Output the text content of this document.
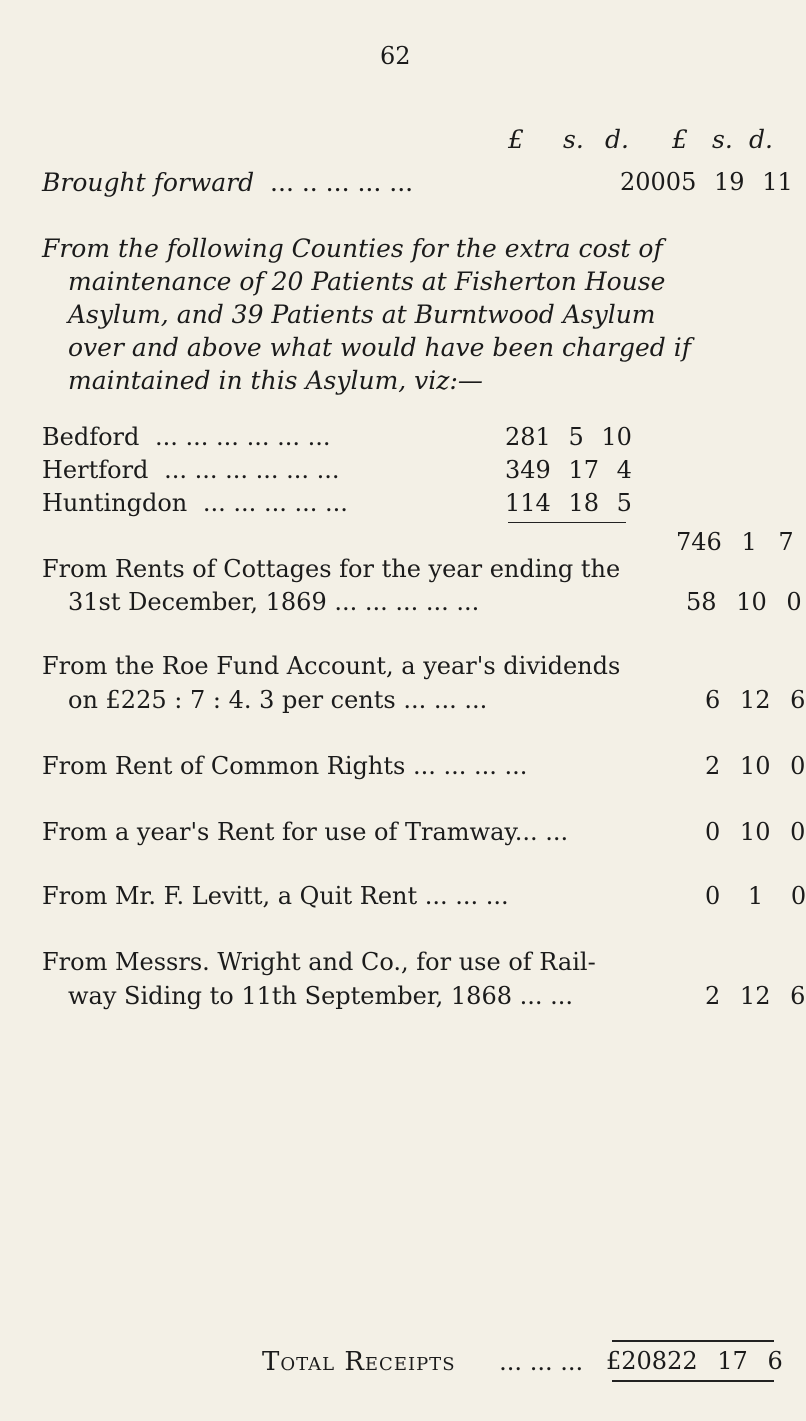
62
£ s. d. £ s. d.
Brought forward ... .. ... ... ...	20005 19 11
From the following Counties for the extra cost of
maintenance of 20 Patients at Fisherton House
Asylum, and 39 Patients at Burntwood Asylum
over and above what would have been charged if
maintained in this Asylum, viz:—
Bedford ... ... ... ... ... ...	281 5 10
Hertford ... ... ... ... ... ...	349 17 4
Huntingdon ... ... ... ... ...	114 18 5
746 1 7
From Rents of Cottages for the year ending the
31st December, 1869 ... ... ... ... ...	58 10 0
From the Roe Fund Account, a year's dividends
on £225 : 7 : 4. 3 per cents ... ... ...	6 12 6
From Rent of Common Rights ... ... ... ...	2 10 0
From a year's Rent for use of Tramway... ...	0 10 0
From Mr. F. Levitt, a Quit Rent ... ... ...	0 1 0
From Messrs. Wright and Co., for use of Rail-
way Siding to 11th September, 1868 ... ...	2 12 6
Total Receipts ... ... ... £20822 17 6
